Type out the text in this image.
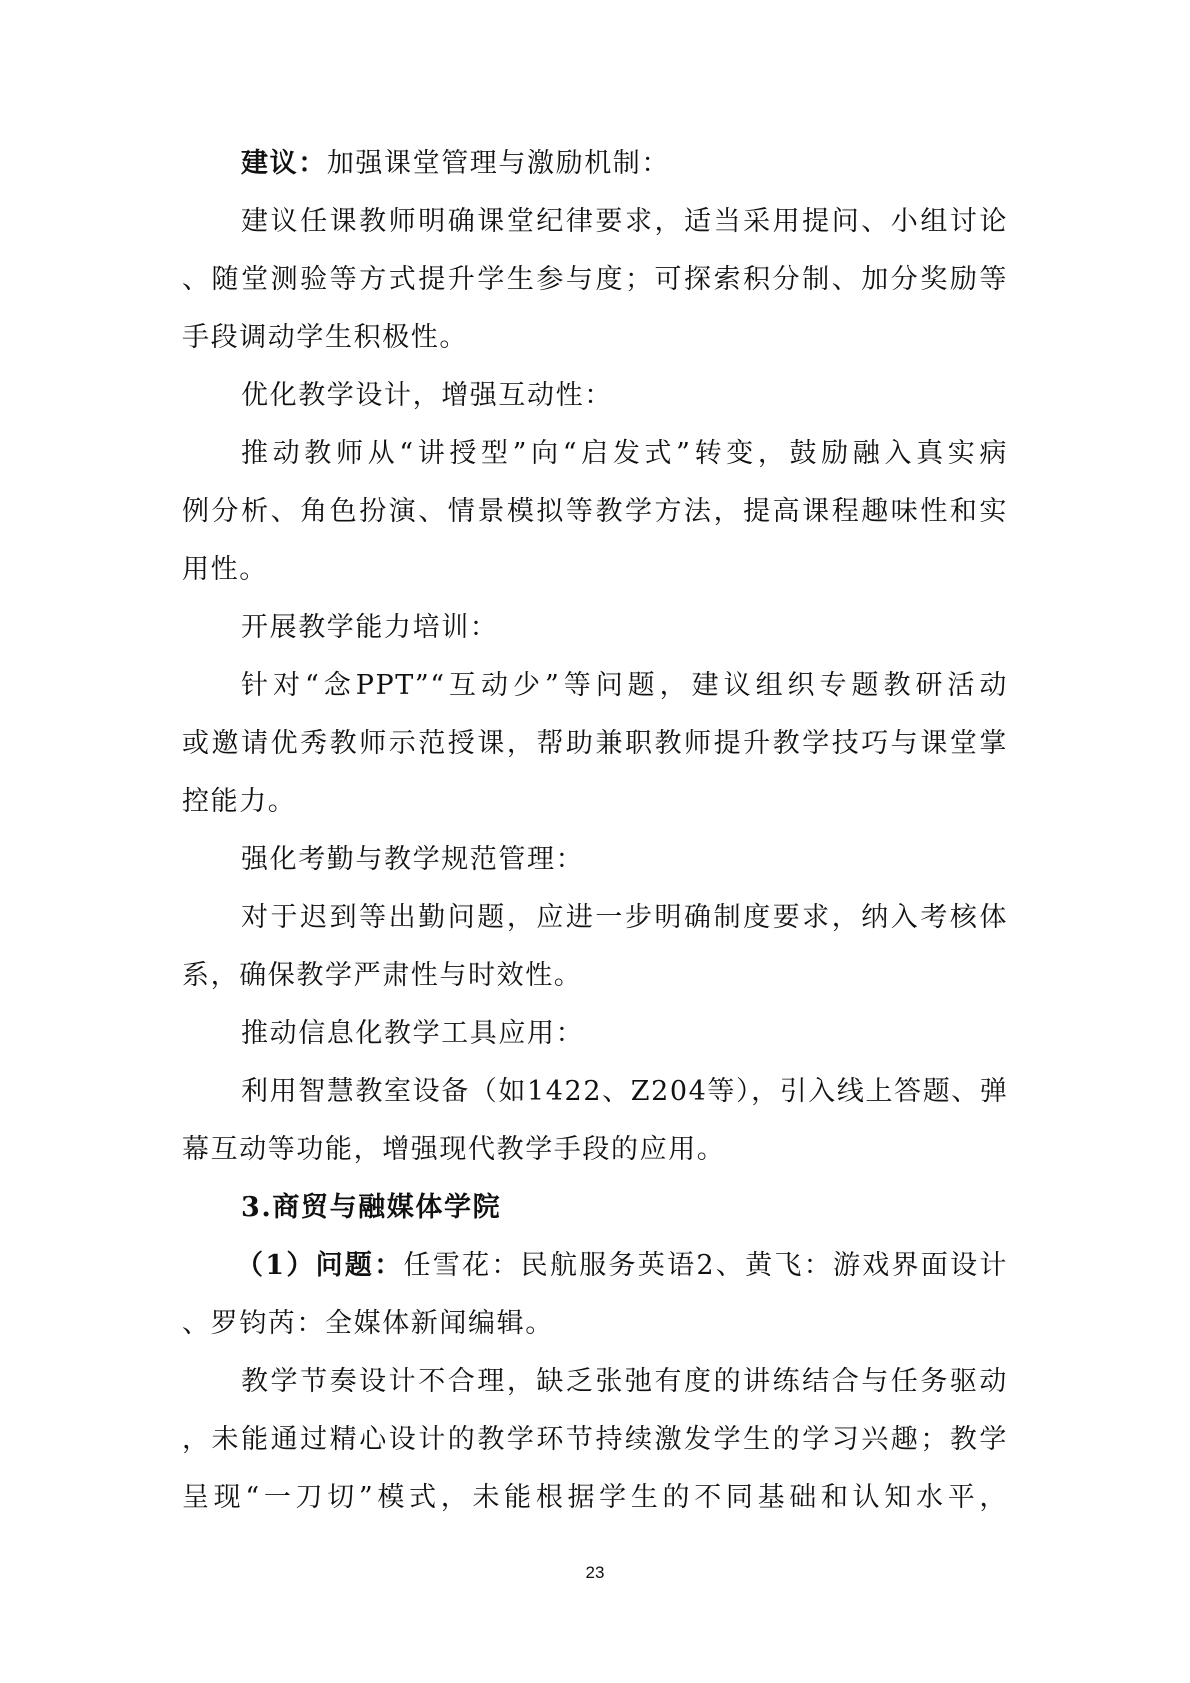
建议：加强课堂管理与激励机制：
建议任课教师明确课堂纪律要求，适当采用提问、小组讨论
、随堂测验等方式提升学生参与度；可探索积分制、加分奖励等
手段调动学生积极性。
优化教学设计，增强互动性：
推动教师从“讲授型”向“启发式”转变，鼓励融入真实病
例分析、角色扮演、情景模拟等教学方法，提高课程趣味性和实
用性。
开展教学能力培训：
针对“念PPT”“互动少”等问题，建议组织专题教研活动
或邀请优秀教师示范授课，帮助兼职教师提升教学技巧与课堂掌
控能力。
强化考勤与教学规范管理：
对于迟到等出勤问题，应进一步明确制度要求，纳入考核体
系，确保教学严肃性与时效性。
推动信息化教学工具应用：
利用智慧教室设备（如1422、Z204等），引入线上答题、弹
幕互动等功能，增强现代教学手段的应用。
3.商贸与融媒体学院
（1）问题：任雪花：民航服务英语2、黄飞：游戏界面设计
、罗钧芮：全媒体新闻编辑。
教学节奏设计不合理，缺乏张弛有度的讲练结合与任务驱动
，未能通过精心设计的教学环节持续激发学生的学习兴趣；教学
呈现“一刀切”模式，未能根据学生的不同基础和认知水平，
23
